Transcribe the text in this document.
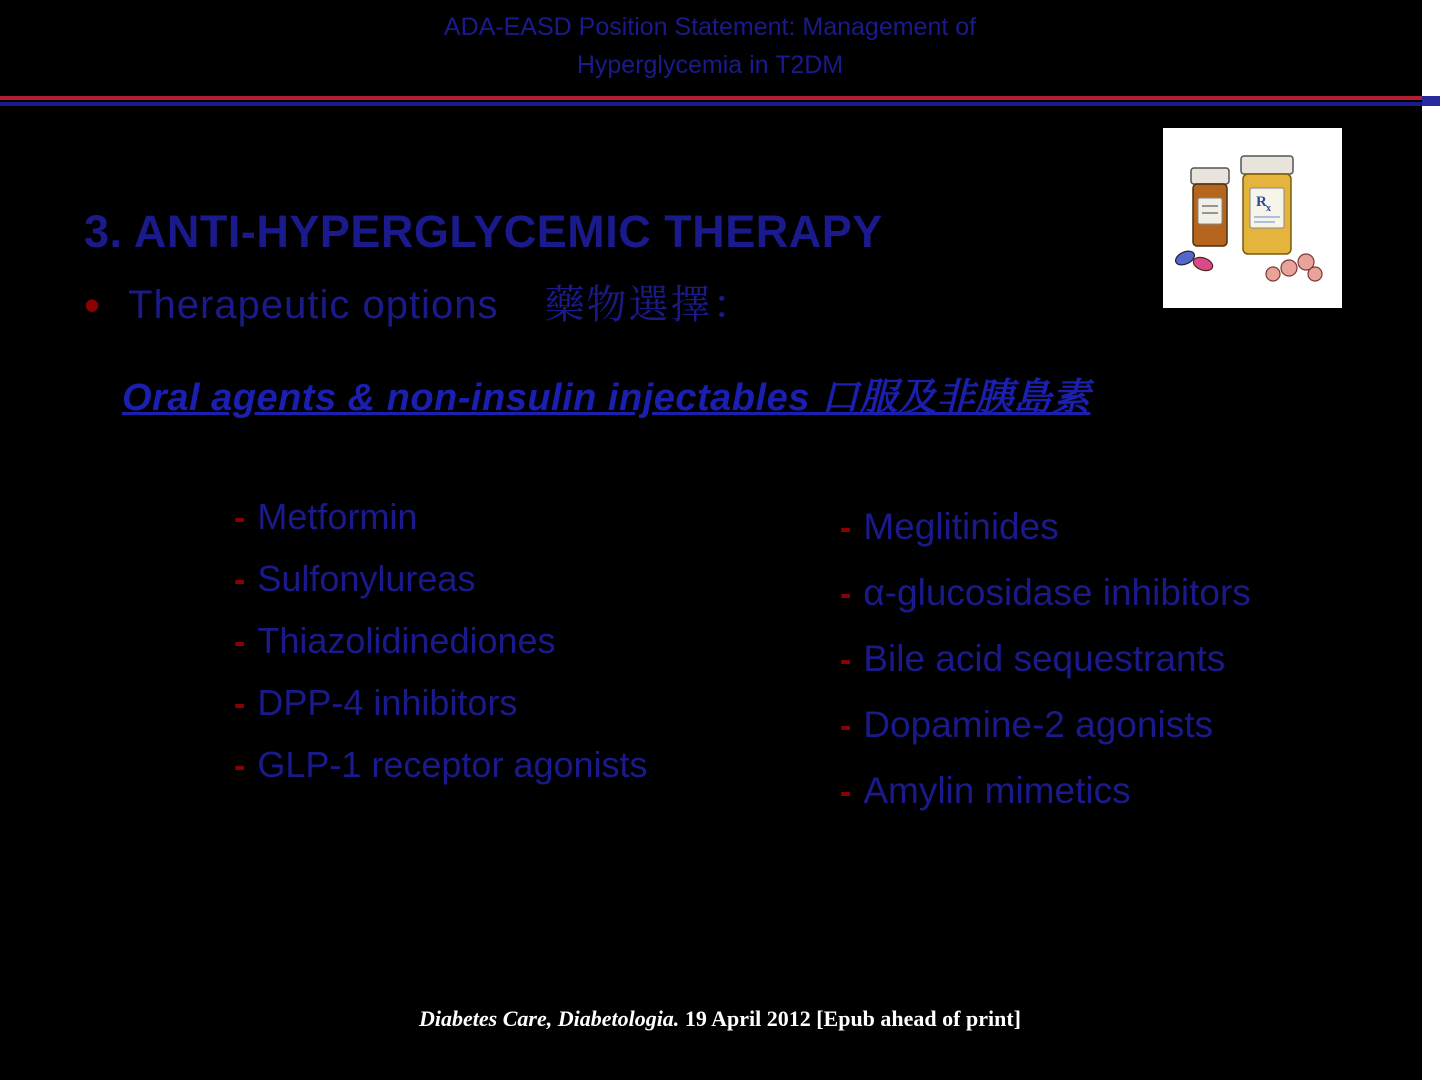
ADA-EASD Position Statement: Management of
Hyperglycemia in T2DM
3. ANTI-HYPERGLYCEMIC THERAPY
• Therapeutic options 藥物選擇：
Oral agents & non-insulin injectables 口服及非胰島素
R x
- Metformin
- Sulfonylureas
- Thiazolidinediones
- DPP-4 inhibitors
- GLP-1 receptor agonists
- Meglitinides
- α-glucosidase inhibitors
- Bile acid sequestrants
- Dopamine-2 agonists
- Amylin mimetics
Diabetes Care, Diabetologia. 19 April 2012 [Epub ahead of print]
